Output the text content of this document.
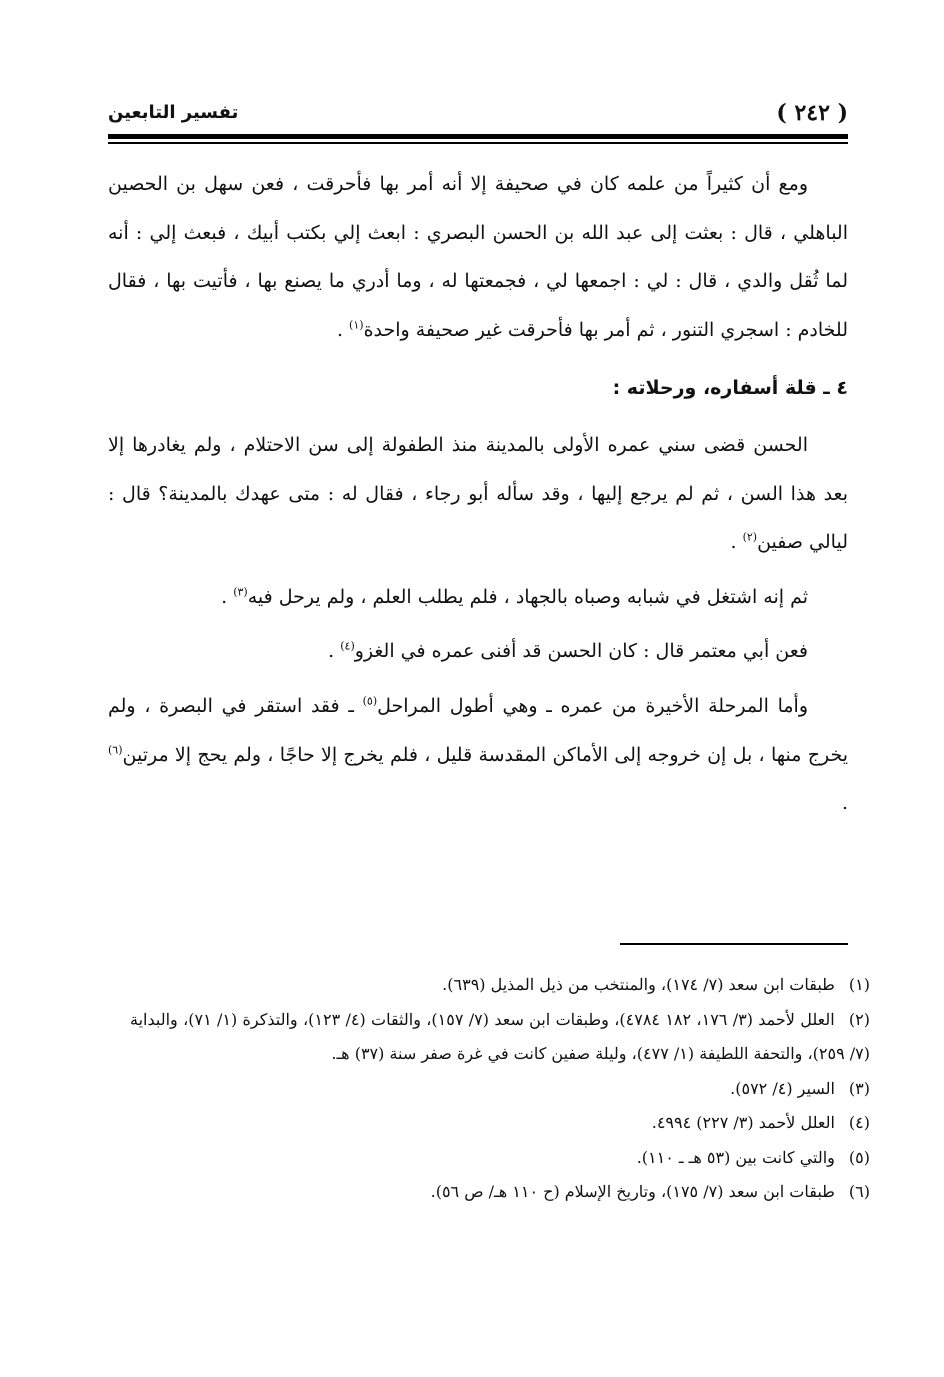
( ٢٤٢ )
تفسير التابعين

ومع أن كثيراً من علمه كان في صحيفة إلا أنه أمر بها فأحرقت ، فعن سهل بن الحصين الباهلي ، قال : بعثت إلى عبد الله بن الحسن البصري : ابعث إلي بكتب أبيك ، فبعث إلي : أنه لما ثُقل والدي ، قال : لي : اجمعها لي ، فجمعتها له ، وما أدري ما يصنع بها ، فأتيت بها ، فقال للخادم : اسجري التنور ، ثم أمر بها فأحرقت غير صحيفة واحدة$^{(١)}$ .

٤ ـ قلة أسفاره، ورحلاته :

الحسن قضى سني عمره الأولى بالمدينة منذ الطفولة إلى سن الاحتلام ، ولم يغادرها إلا بعد هذا السن ، ثم لم يرجع إليها ، وقد سأله أبو رجاء ، فقال له : متى عهدك بالمدينة؟ قال : ليالي صفين$^{(٢)}$ .

ثم إنه اشتغل في شبابه وصباه بالجهاد ، فلم يطلب العلم ، ولم يرحل فيه$^{(٣)}$ .

فعن أبي معتمر قال : كان الحسن قد أفنى عمره في الغزو$^{(٤)}$ .

وأما المرحلة الأخيرة من عمره ـ وهي أطول المراحل$^{(٥)}$ ـ فقد استقر في البصرة ، ولم يخرج منها ، بل إن خروجه إلى الأماكن المقدسة قليل ، فلم يخرج إلا حاجًا ، ولم يحج إلا مرتين$^{(٦)}$ .

(١) طبقات ابن سعد (٧/ ١٧٤)، والمنتخب من ذيل المذيل (٦٣٩).

(٢) العلل لأحمد (٣/ ١٧٦، ١٨٢ ٤٧٨٤)، وطبقات ابن سعد (٧/ ١٥٧)، والثقات (٤/ ١٢٣)، والتذكرة (١/ ٧١)، والبداية (٧/ ٢٥٩)، والتحفة اللطيفة (١/ ٤٧٧)، وليلة صفين كانت في غرة صفر سنة (٣٧) هـ.

(٣) السير (٤/ ٥٧٢).

(٤) العلل لأحمد (٣/ ٢٢٧) ٤٩٩٤.

(٥) والتي كانت بين (٥٣ هـ ـ ١١٠).

(٦) طبقات ابن سعد (٧/ ١٧٥)، وتاريخ الإسلام (ح ١١٠ هـ/ ص ٥٦).
